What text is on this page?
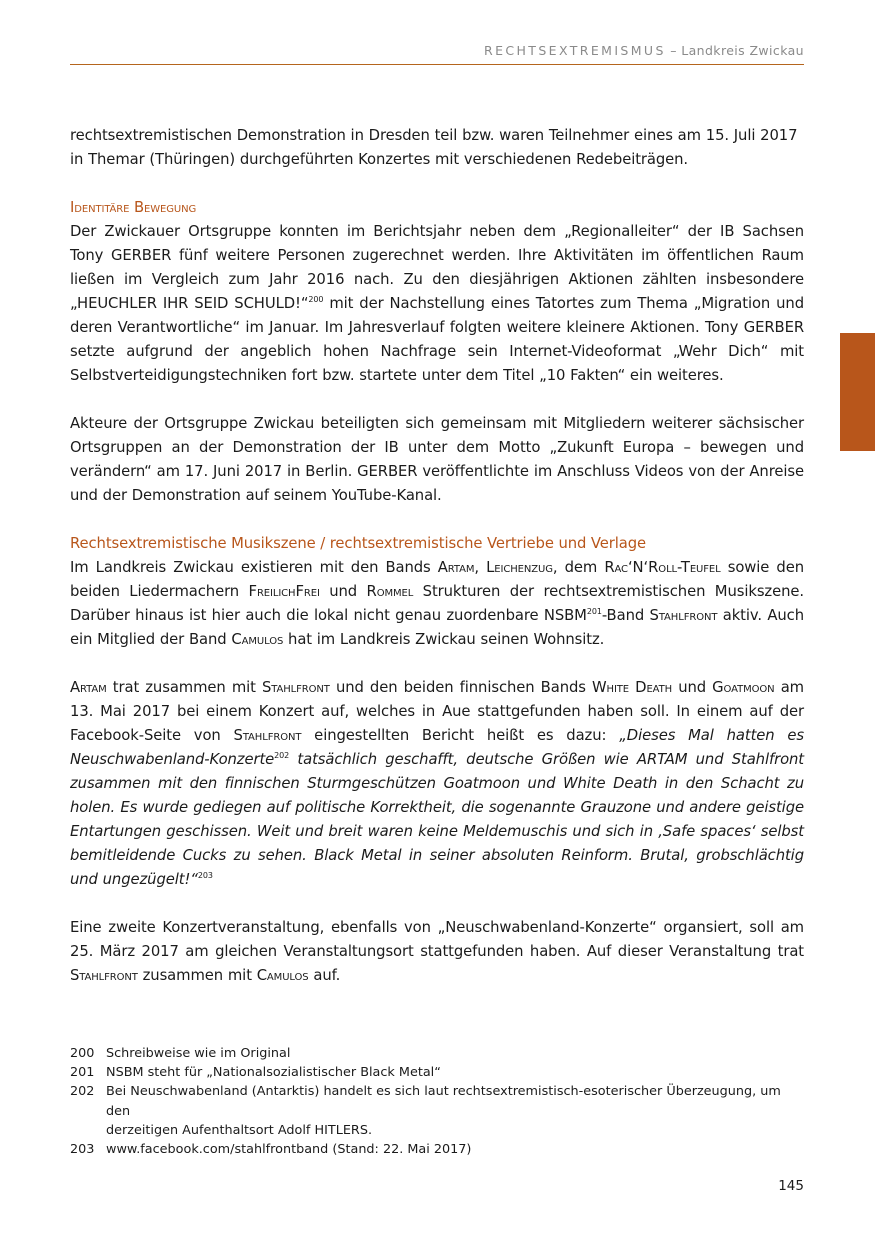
RECHTSEXTREMISMUS – Landkreis Zwickau

rechtsextremistischen Demonstration in Dresden teil bzw. waren Teilnehmer eines am 15. Juli 2017
in Themar (Thüringen) durchgeführten Konzertes mit verschiedenen Redebeiträgen.

Identitäre Bewegung

Der Zwickauer Ortsgruppe konnten im Berichtsjahr neben dem „Regionalleiter“ der IB Sachsen Tony GERBER fünf weitere Personen zugerechnet werden. Ihre Aktivitäten im öffentlichen Raum ließen im Vergleich zum Jahr 2016 nach. Zu den diesjährigen Aktionen zählten insbesondere „HEUCHLER IHR SEID SCHULD!“$^{200}$ mit der Nachstellung eines Tatortes zum Thema „Migration und deren Verantwortliche“ im Januar. Im Jahresverlauf folgten weitere kleinere Aktionen. Tony GERBER setzte aufgrund der angeblich hohen Nachfrage sein Internet-Videoformat „Wehr Dich“ mit Selbstverteidigungstechniken fort bzw. startete unter dem Titel „10 Fakten“ ein weiteres.

Akteure der Ortsgruppe Zwickau beteiligten sich gemeinsam mit Mitgliedern weiterer sächsischer Ortsgruppen an der Demonstration der IB unter dem Motto „Zukunft Europa – bewegen und verändern“ am 17. Juni 2017 in Berlin. GERBER veröffentlichte im Anschluss Videos von der Anreise und der Demonstration auf seinem YouTube-Kanal.

Rechtsextremistische Musikszene / rechtsextremistische Vertriebe und Verlage

Im Landkreis Zwickau existieren mit den Bands Artam, Leichenzug, dem Rac‘N‘Roll-Teufel sowie den beiden Liedermachern FreilichFrei und Rommel Strukturen der rechtsextremistischen Musikszene. Darüber hinaus ist hier auch die lokal nicht genau zuordenbare NSBM$^{201}$-Band Stahlfront aktiv. Auch ein Mitglied der Band Camulos hat im Landkreis Zwickau seinen Wohnsitz.

Artam trat zusammen mit Stahlfront und den beiden finnischen Bands White Death und Goatmoon am 13. Mai 2017 bei einem Konzert auf, welches in Aue stattgefunden haben soll. In einem auf der Facebook-Seite von Stahlfront eingestellten Bericht heißt es dazu: „Dieses Mal hatten es Neuschwabenland-Konzerte$^{202}$ tatsächlich geschafft, deutsche Größen wie ARTAM und Stahlfront zusammen mit den finnischen Sturmgeschützen Goatmoon und White Death in den Schacht zu holen. Es wurde gediegen auf politische Korrektheit, die sogenannte Grauzone und andere geistige Entartungen geschissen. Weit und breit waren keine Meldemuschis und sich in ‚Safe spaces‘ selbst bemitleidende Cucks zu sehen. Black Metal in seiner absoluten Reinform. Brutal, grobschlächtig und ungezügelt!“$^{203}$

Eine zweite Konzertveranstaltung, ebenfalls von „Neuschwabenland-Konzerte“ organsiert, soll am 25. März 2017 am gleichen Veranstaltungsort stattgefunden haben. Auf dieser Veranstaltung trat Stahlfront zusammen mit Camulos auf.

200 Schreibweise wie im Original
201 NSBM steht für „Nationalsozialistischer Black Metal“
202 Bei Neuschwabenland (Antarktis) handelt es sich laut rechtsextremistisch-esoterischer Überzeugung, um den
derzeitigen Aufenthaltsort Adolf HITLERS.
203 www.facebook.com/stahlfrontband (Stand: 22. Mai 2017)
145
